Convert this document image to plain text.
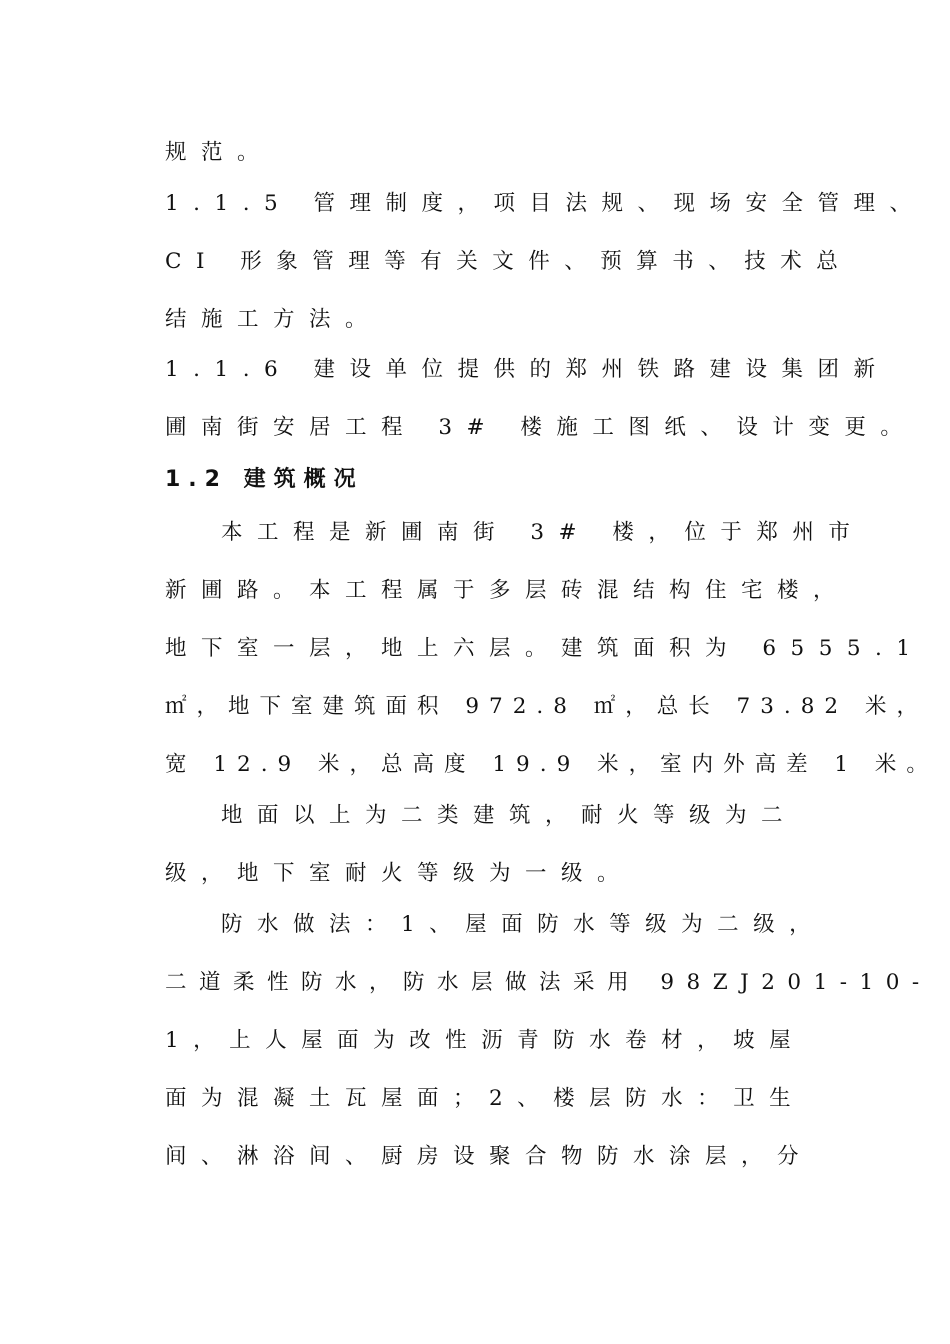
规范。
1.1.5 管理制度，项目法规、现场安全管理、
CI 形象管理等有关文件、预算书、技术总
结施工方法。
1.1.6 建设单位提供的郑州铁路建设集团新
圃南街安居工程 3# 楼施工图纸、设计变更。
1.2 建筑概况
本工程是新圃南街 3# 楼，位于郑州市
新圃路。本工程属于多层砖混结构住宅楼，
地下室一层，地上六层。建筑面积为 6555.1
㎡，地下室建筑面积 972.8 ㎡，总长 73.82 米，
宽 12.9 米，总高度 19.9 米，室内外高差 1 米。
地面以上为二类建筑，耐火等级为二
级，地下室耐火等级为一级。
防水做法：1、屋面防水等级为二级，
二道柔性防水，防水层做法采用 98ZJ201-10-
1，上人屋面为改性沥青防水卷材，坡屋
面为混凝土瓦屋面；2、楼层防水：卫生
间、淋浴间、厨房设聚合物防水涂层，分
